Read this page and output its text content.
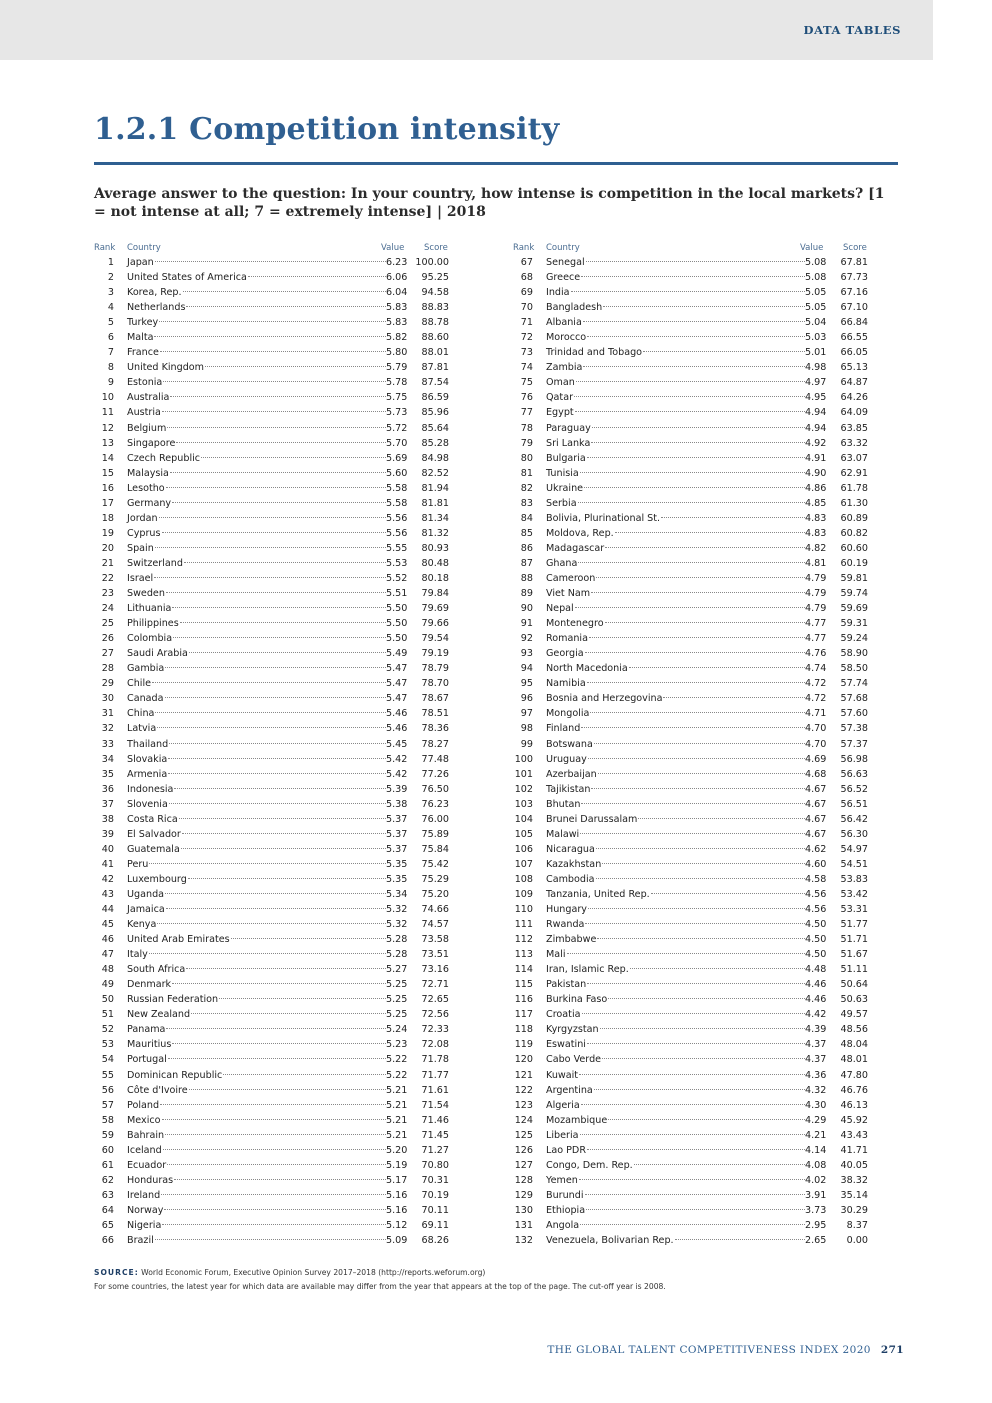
DATA TABLES
1.2.1 Competition intensity

Average answer to the question: In your country, how intense is competition in the local markets? [1 = not intense at all; 7 = extremely intense] | 2018

Rank Country	Value Score
1 Japan	6.23 100.00
2 United States of America	6.06	95.25
3 Korea, Rep.	6.04	94.58
4 Netherlands	5.83	88.83
5 Turkey	5.83	88.78
6 Malta	5.82	88.60
7 France	5.80	88.01
8 United Kingdom	5.79	87.81
9 Estonia	5.78	87.54
10 Australia	5.75	86.59
11 Austria	5.73	85.96
12 Belgium	5.72	85.64
13 Singapore	5.70	85.28
14 Czech Republic	5.69	84.98
15 Malaysia	5.60	82.52
16 Lesotho	5.58	81.94
17 Germany	5.58	81.81
18 Jordan	5.56	81.34
19 Cyprus	5.56	81.32
20 Spain	5.55	80.93
21 Switzerland	5.53	80.48
22 Israel	5.52	80.18
23 Sweden	5.51	79.84
24 Lithuania	5.50	79.69
25 Philippines	5.50	79.66
26 Colombia	5.50	79.54
27 Saudi Arabia	5.49	79.19
28 Gambia	5.47	78.79
29 Chile	5.47	78.70
30 Canada	5.47	78.67
31 China	5.46	78.51
32 Latvia	5.46	78.36
33 Thailand	5.45	78.27
34 Slovakia	5.42	77.48
35 Armenia	5.42	77.26
36 Indonesia	5.39	76.50
37 Slovenia	5.38	76.23
38 Costa Rica	5.37	76.00
39 El Salvador	5.37	75.89
40 Guatemala	5.37	75.84
41 Peru	5.35	75.42
42 Luxembourg	5.35	75.29
43 Uganda	5.34	75.20
44 Jamaica	5.32	74.66
45 Kenya	5.32	74.57
46 United Arab Emirates	5.28	73.58
47 Italy	5.28	73.51
48 South Africa	5.27	73.16
49 Denmark	5.25	72.71
50 Russian Federation	5.25	72.65
51 New Zealand	5.25	72.56
52 Panama	5.24	72.33
53 Mauritius	5.23	72.08
54 Portugal	5.22	71.78
55 Dominican Republic	5.22	71.77
56 Côte d'Ivoire	5.21	71.61
57 Poland	5.21	71.54
58 Mexico	5.21	71.46
59 Bahrain	5.21	71.45
60 Iceland	5.20	71.27
61 Ecuador	5.19	70.80
62 Honduras	5.17	70.31
63 Ireland	5.16	70.19
64 Norway	5.16	70.11
65 Nigeria	5.12	69.11
66 Brazil	5.09	68.26
Rank Country	Value Score
67 Senegal	5.08	67.81
68 Greece	5.08	67.73
69 India	5.05	67.16
70 Bangladesh	5.05	67.10
71 Albania	5.04	66.84
72 Morocco	5.03	66.55
73 Trinidad and Tobago	5.01	66.05
74 Zambia	4.98	65.13
75 Oman	4.97	64.87
76 Qatar	4.95	64.26
77 Egypt	4.94	64.09
78 Paraguay	4.94	63.85
79 Sri Lanka	4.92	63.32
80 Bulgaria	4.91	63.07
81 Tunisia	4.90	62.91
82 Ukraine	4.86	61.78
83 Serbia	4.85	61.30
84 Bolivia, Plurinational St.	4.83	60.89
85 Moldova, Rep.	4.83	60.82
86 Madagascar	4.82	60.60
87 Ghana	4.81	60.19
88 Cameroon	4.79	59.81
89 Viet Nam	4.79	59.74
90 Nepal	4.79	59.69
91 Montenegro	4.77	59.31
92 Romania	4.77	59.24
93 Georgia	4.76	58.90
94 North Macedonia	4.74	58.50
95 Namibia	4.72	57.74
96 Bosnia and Herzegovina	4.72	57.68
97 Mongolia	4.71	57.60
98 Finland	4.70	57.38
99 Botswana	4.70	57.37
100 Uruguay	4.69	56.98
101 Azerbaijan	4.68	56.63
102 Tajikistan	4.67	56.52
103 Bhutan	4.67	56.51
104 Brunei Darussalam	4.67	56.42
105 Malawi	4.67	56.30
106 Nicaragua	4.62	54.97
107 Kazakhstan	4.60	54.51
108 Cambodia	4.58	53.83
109 Tanzania, United Rep.	4.56	53.42
110 Hungary	4.56	53.31
111 Rwanda	4.50	51.77
112 Zimbabwe	4.50	51.71
113 Mali	4.50	51.67
114 Iran, Islamic Rep.	4.48	51.11
115 Pakistan	4.46	50.64
116 Burkina Faso	4.46	50.63
117 Croatia	4.42	49.57
118 Kyrgyzstan	4.39	48.56
119 Eswatini	4.37	48.04
120 Cabo Verde	4.37	48.01
121 Kuwait	4.36	47.80
122 Argentina	4.32	46.76
123 Algeria	4.30	46.13
124 Mozambique	4.29	45.92
125 Liberia	4.21	43.43
126 Lao PDR	4.14	41.71
127 Congo, Dem. Rep.	4.08	40.05
128 Yemen	4.02	38.32
129 Burundi	3.91	35.14
130 Ethiopia	3.73	30.29
131 Angola	2.95	8.37
132 Venezuela, Bolivarian Rep.	2.65	0.00
SOURCE: World Economic Forum, Executive Opinion Survey 2017–2018 (http://reports.weforum.org)
For some countries, the latest year for which data are available may differ from the year that appears at the top of the page. The cut-off year is 2008.
THE GLOBAL TALENT COMPETITIVENESS INDEX 2020 271
